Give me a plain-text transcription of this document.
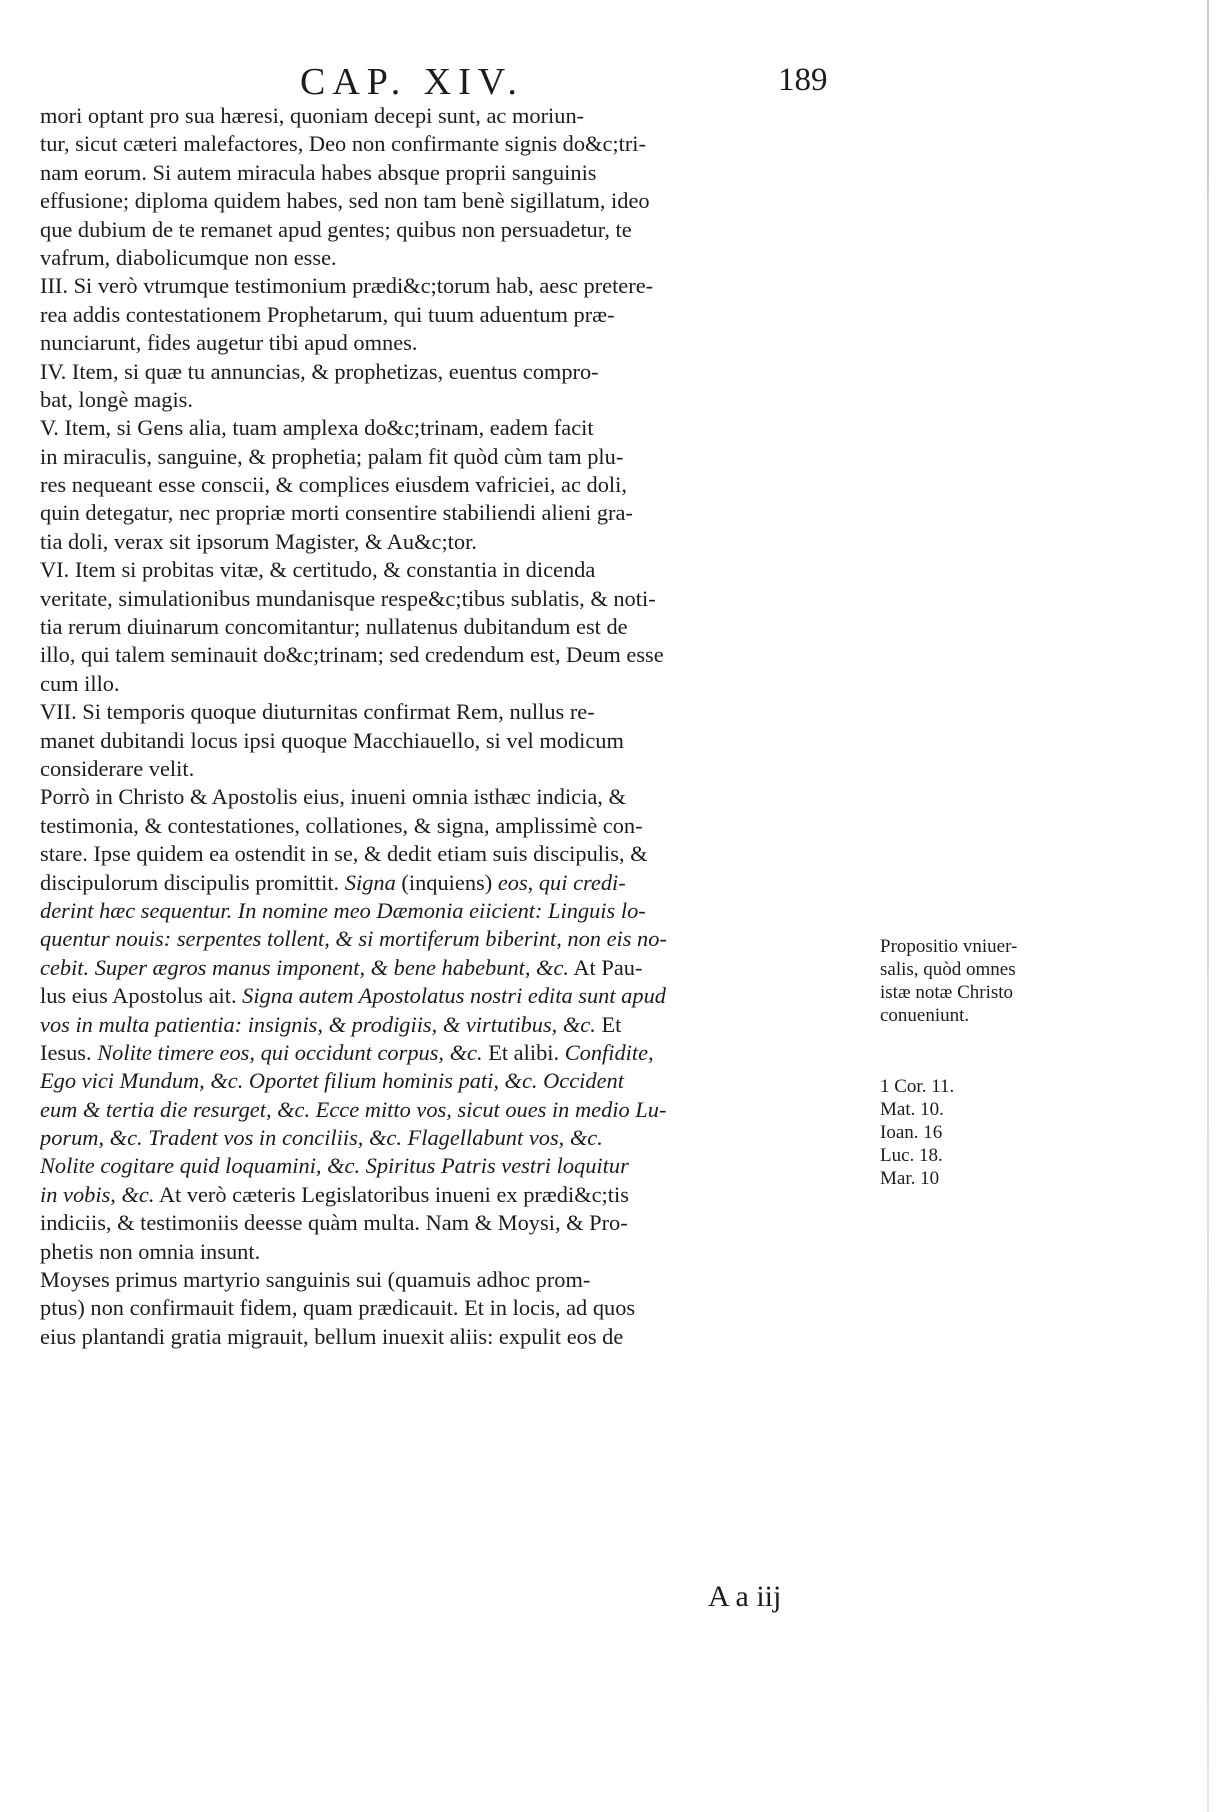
CAP. XIV.	189
mori optant pro sua hæresi, quoniam decepi sunt, ac moriun-
tur, sicut cæteri malefactores, Deo non confirmante signis do&c;tri-
nam eorum. Si autem miracula habes absque proprii sanguinis
effusione; diploma quidem habes, sed non tam benè sigillatum, ideo
que dubium de te remanet apud gentes; quibus non persuadetur, te
vafrum, diabolicumque non esse.
III. Si verò vtrumque testimonium prædi&c;torum hab, aesc pretere-
rea addis contestationem Prophetarum, qui tuum aduentum præ-
nunciarunt, fides augetur tibi apud omnes.
IV. Item, si quæ tu annuncias, & prophetizas, euentus compro-
bat, longè magis.
V. Item, si Gens alia, tuam amplexa do&c;trinam, eadem facit
in miraculis, sanguine, & prophetia; palam fit quòd cùm tam plu-
res nequeant esse conscii, & complices eiusdem vafriciei, ac doli,
quin detegatur, nec propriæ morti consentire stabiliendi alieni gra-
tia doli, verax sit ipsorum Magister, & Au&c;tor.
VI. Item si probitas vitæ, & certitudo, & constantia in dicenda
veritate, simulationibus mundanisque respe&c;tibus sublatis, & noti-
tia rerum diuinarum concomitantur; nullatenus dubitandum est de
illo, qui talem seminauit do&c;trinam; sed credendum est, Deum esse
cum illo.
VII. Si temporis quoque diuturnitas confirmat Rem, nullus re-
manet dubitandi locus ipsi quoque Macchiauello, si vel modicum
considerare velit.
Porrò in Christo & Apostolis eius, inueni omnia isthæc indicia, &
testimonia, & contestationes, collationes, & signa, amplissimè con-
stare. Ipse quidem ea ostendit in se, & dedit etiam suis discipulis, &
discipulorum discipulis promittit. Signa (inquiens) eos, qui credi-
derint hæc sequentur. In nomine meo Dæmonia eiicient: Linguis lo-
quentur nouis: serpentes tollent, & si mortiferum biberint, non eis no-
cebit. Super ægros manus imponent, & bene habebunt, &c. At Pau-
lus eius Apostolus ait. Signa autem Apostolatus nostri edita sunt apud
vos in multa patientia: insignis, & prodigiis, & virtutibus, &c. Et
Iesus. Nolite timere eos, qui occidunt corpus, &c. Et alibi. Confidite,
Ego vici Mundum, &c. Oportet filium hominis pati, &c. Occident
eum & tertia die resurget, &c. Ecce mitto vos, sicut oues in medio Lu-
porum, &c. Tradent vos in conciliis, &c. Flagellabunt vos, &c.
Nolite cogitare quid loquamini, &c. Spiritus Patris vestri loquitur
in vobis, &c. At verò cæteris Legislatoribus inueni ex prædi&c;tis
indiciis, & testimoniis deesse quàm multa. Nam & Moysi, & Pro-
phetis non omnia insunt.
Moyses primus martyrio sanguinis sui (quamuis adhoc prom-
ptus) non confirmauit fidem, quam prædicauit. Et in locis, ad quos
eius plantandi gratia migrauit, bellum inuexit aliis: expulit eos de
Propositio vniuer-
salis, quòd omnes
istæ notæ Christo
conueniunt.
1 Cor. 11.
Mat. 10.
Ioan. 16
Luc. 18.
Mar. 10
A a iij
